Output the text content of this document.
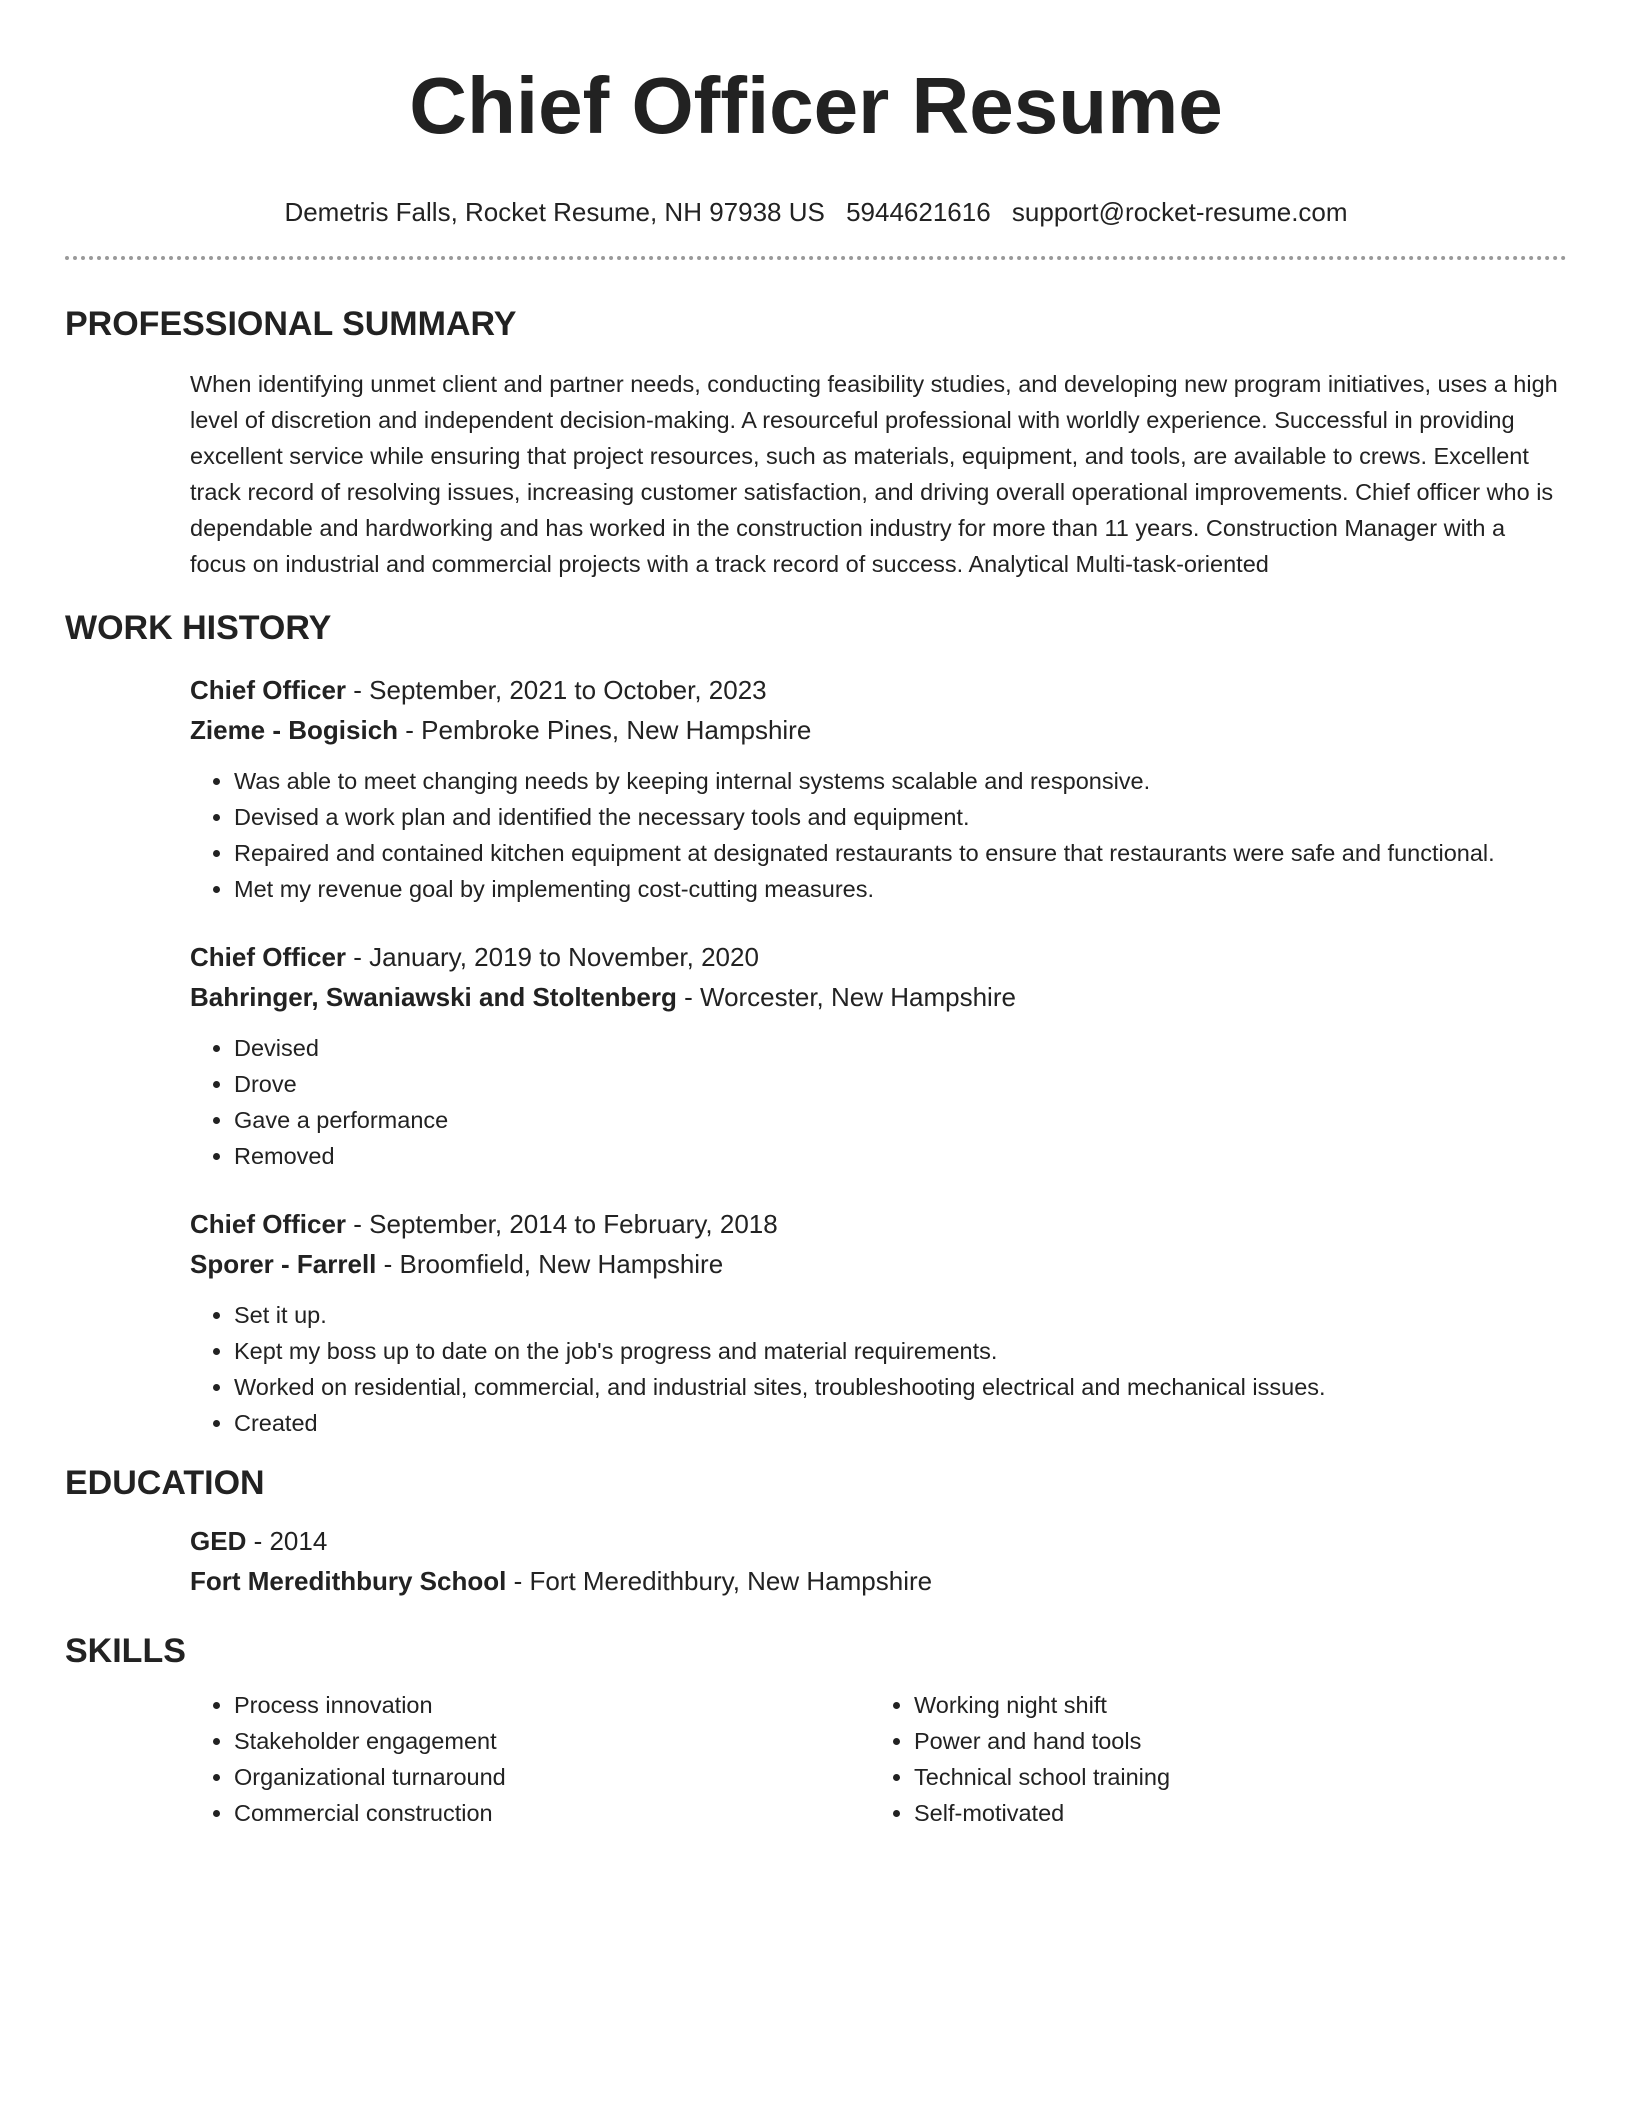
Chief Officer Resume
Demetris Falls, Rocket Resume, NH 97938 US 5944621616 support@rocket-resume.com
PROFESSIONAL SUMMARY

When identifying unmet client and partner needs, conducting feasibility studies, and developing new program initiatives, uses a high level of discretion and independent decision-making. A resourceful professional with worldly experience. Successful in providing excellent service while ensuring that project resources, such as materials, equipment, and tools, are available to crews. Excellent track record of resolving issues, increasing customer satisfaction, and driving overall operational improvements. Chief officer who is dependable and hardworking and has worked in the construction industry for more than 11 years. Construction Manager with a focus on industrial and commercial projects with a track record of success. Analytical Multi-task-oriented

WORK HISTORY
Chief Officer - September, 2021 to October, 2023
Zieme - Bogisich - Pembroke Pines, New Hampshire
• Was able to meet changing needs by keeping internal systems scalable and responsive.
• Devised a work plan and identified the necessary tools and equipment.
• Repaired and contained kitchen equipment at designated restaurants to ensure that restaurants were safe and functional.
• Met my revenue goal by implementing cost-cutting measures.
Chief Officer - January, 2019 to November, 2020
Bahringer, Swaniawski and Stoltenberg - Worcester, New Hampshire
• Devised
• Drove
• Gave a performance
• Removed
Chief Officer - September, 2014 to February, 2018
Sporer - Farrell - Broomfield, New Hampshire
• Set it up.
• Kept my boss up to date on the job's progress and material requirements.
• Worked on residential, commercial, and industrial sites, troubleshooting electrical and mechanical issues.
• Created
EDUCATION
GED - 2014
Fort Meredithbury School - Fort Meredithbury, New Hampshire
SKILLS
• Process innovation
• Stakeholder engagement
• Organizational turnaround
• Commercial construction
• Working night shift
• Power and hand tools
• Technical school training
• Self-motivated
